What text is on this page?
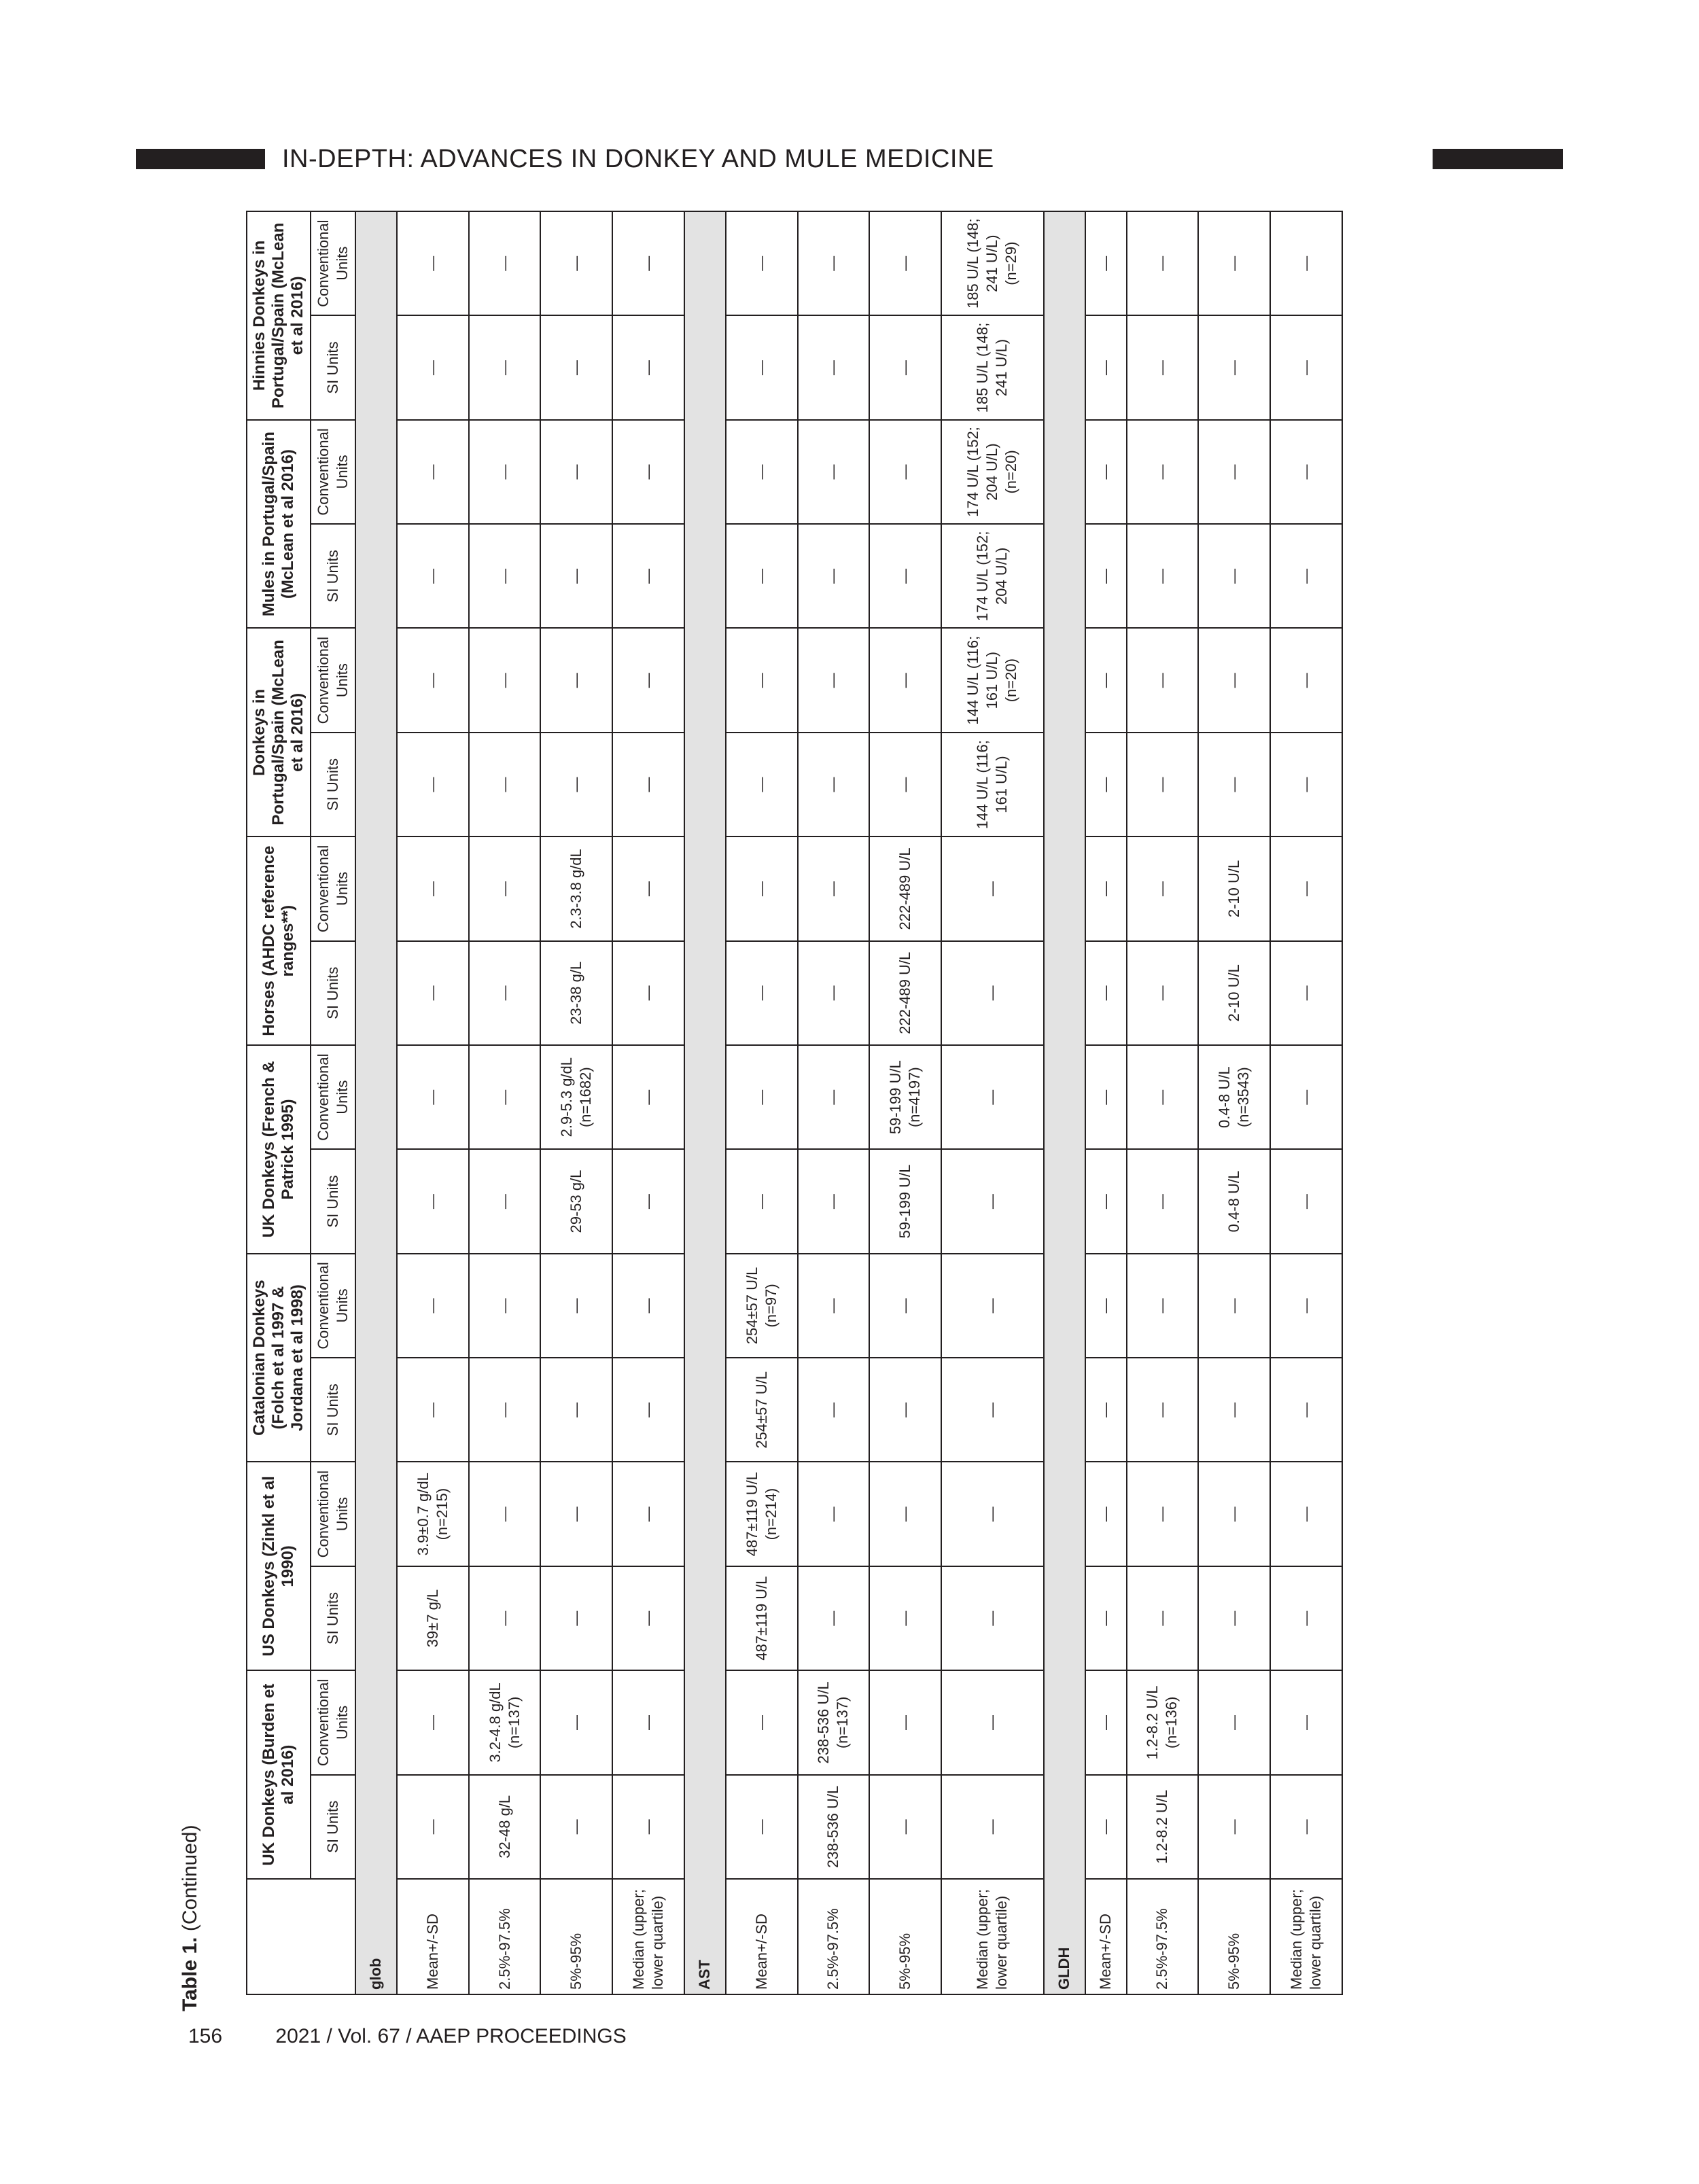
IN-DEPTH: ADVANCES IN DONKEY AND MULE MEDICINE
Table 1. (Continued)
	UK Donkeys (Burden et al 2016)		US Donkeys (Zinkl et al 1990)		Catalonian Donkeys (Folch et al 1997 & Jordana et al 1998)		UK Donkeys (French & Patrick 1995)		Horses (AHDC reference ranges**)		Donkeys in Portugal/Spain (McLean et al 2016)		Mules in Portugal/Spain (McLean et al 2016)		Hinnies Donkeys in Portugal/Spain (McLean et al 2016)	
	SI Units	Conventional Units	SI Units	Conventional Units	SI Units	Conventional Units	SI Units	Conventional Units	SI Units	Conventional Units	SI Units	Conventional Units	SI Units	Conventional Units	SI Units	Conventional Units
glob																
Mean+/-SD	—	—	39±7 g/L	3.9±0.7 g/dL (n=215)	—	—	—	—	—	—	—	—	—	—	—	—
2.5%-97.5%	32-48 g/L	3.2-4.8 g/dL (n=137)	—	—	—	—	—	—	—	—	—	—	—	—	—	—
5%-95%	—	—	—	—	—	—	29-53 g/L	2.9-5.3 g/dL (n=1682)	23-38 g/L	2.3-3.8 g/dL	—	—	—	—	—	—
Median (upper; lower quartile)	—	—	—	—	—	—	—	—	—	—	—	—	—	—	—	—
AST																
Mean+/-SD	—	—	487±119 U/L	487±119 U/L (n=214)	254±57 U/L	254±57 U/L (n=97)	—	—	—	—	—	—	—	—	—	—
2.5%-97.5%	238-536 U/L	238-536 U/L (n=137)	—	—	—	—	—	—	—	—	—	—	—	—	—	—
5%-95%	—	—	—	—	—	—	59-199 U/L	59-199 U/L (n=4197)	222-489 U/L	222-489 U/L	—	—	—	—	—	—
Median (upper; lower quartile)	—	—	—	—	—	—	—	—	—	—	144 U/L (116; 161 U/L)	144 U/L (116; 161 U/L) (n=20)	174 U/L (152; 204 U/L)	174 U/L (152; 204 U/L) (n=20)	185 U/L (148; 241 U/L)	185 U/L (148; 241 U/L) (n=29)
GLDH																
Mean+/-SD	—	—	—	—	—	—	—	—	—	—	—	—	—	—	—	—
2.5%-97.5%	1.2-8.2 U/L	1.2-8.2 U/L (n=136)	—	—	—	—	—	—	—	—	—	—	—	—	—	—
5%-95%	—	—	—	—	—	—	0.4-8 U/L	0.4-8 U/L (n=3543)	2-10 U/L	2-10 U/L	—	—	—	—	—	—
Median (upper; lower quartile)	—	—	—	—	—	—	—	—	—	—	—	—	—	—	—	—
156	2021 / Vol. 67 / AAEP PROCEEDINGS
